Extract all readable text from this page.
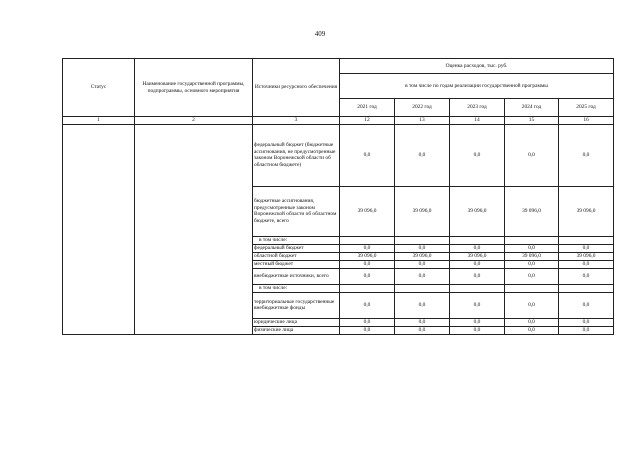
409
Статус	Наименование государственной программы, подпрограммы, основного мероприятия	Источники ресурсного обеспечения	Оценка расходов, тыс. руб.				
			в том числе по годам реализации государственной программы				
			2021 год	2022 год	2023 год	2024 год	2025 год
1	2	3	12	13	14	15	16
		федеральный бюджет (бюджетные ассигнования, не предусмотренные законом Воронежской области об областном бюджете)	0,0	0,0	0,0	0,0	0,0
		бюджетные ассигнования, предусмотренные законом Воронежской области об областном бюджете, всего	39 096,0	39 096,0	39 096,0	39 096,0	39 096,0
		в том числе:					
		федеральный бюджет	0,0	0,0	0,0	0,0	0,0
		областной бюджет	39 096,0	39 096,0	39 096,0	39 096,0	39 096,0
		местный бюджет	0,0	0,0	0,0	0,0	0,0
		внебюджетные источники, всего	0,0	0,0	0,0	0,0	0,0
		в том числе:					
		территориальные государственные внебюджетные фонды	0,0	0,0	0,0	0,0	0,0
		юридические лица	0,0	0,0	0,0	0,0	0,0
		физические лица	0,0	0,0	0,0	0,0	0,0
